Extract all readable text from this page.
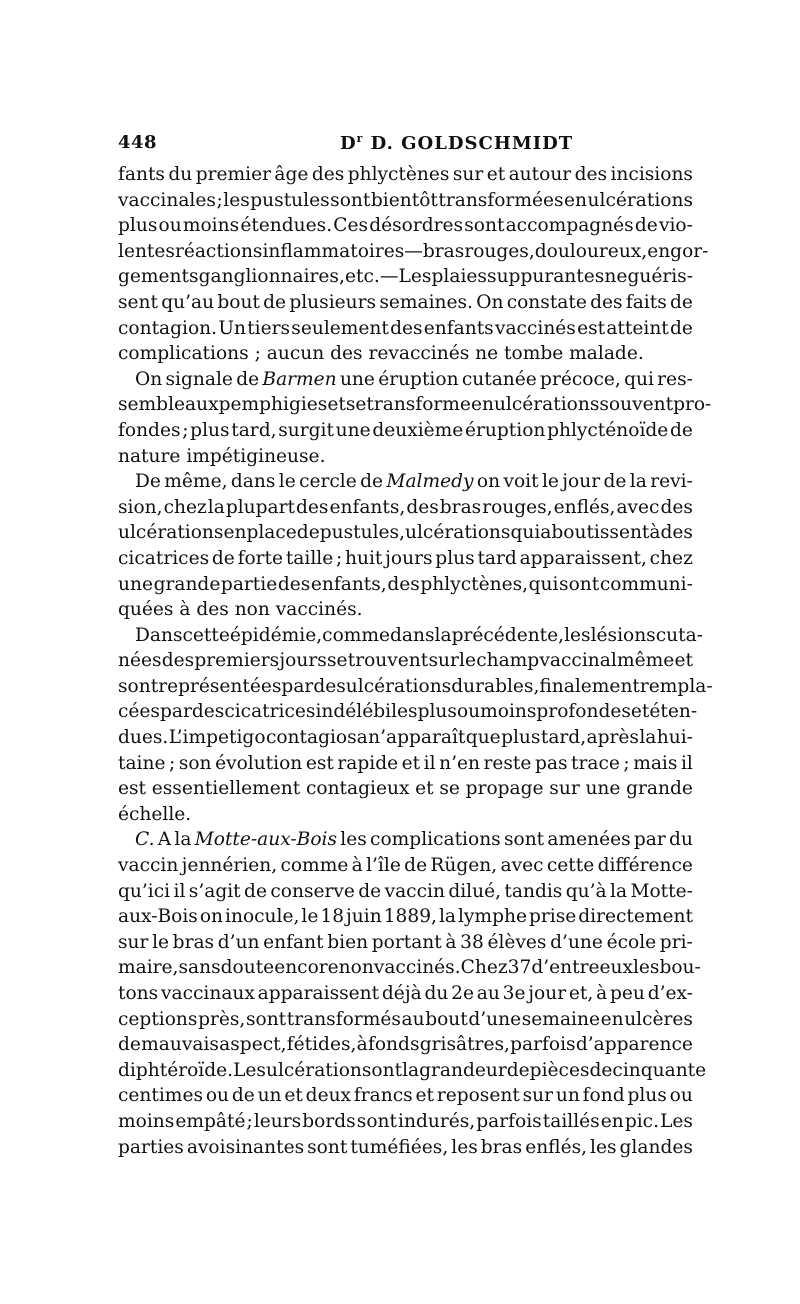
448	$D^r$ D. GOLDSCHMIDT
fants du premier âge des phlyctènes sur et autour des incisions
vaccinales ; les pustules sont bientôt transformées en ulcérations
plus ou moins étendues. Ces désordres sont accompagnés de vio-
lentes réactions inflammatoires — bras rouges, douloureux, engor-
gements ganglionnaires, etc. — Les plaies suppurantes ne guéris-
sent qu’au bout de plusieurs semaines. On constate des faits de
contagion. Un tiers seulement des enfants vaccinés est atteint de
complications ; aucun des revaccinés ne tombe malade.
On signale de Barmen une éruption cutanée précoce, qui res-
semble aux pemphigies et se transforme en ulcérations souvent pro-
fondes ; plus tard, surgit une deuxième éruption phlycténoïde de
nature impétigineuse.
De même, dans le cercle de Malmedy on voit le jour de la revi-
sion, chez la plupart des enfants, des bras rouges, enflés, avec des
ulcérations en place de pustules, ulcérations qui aboutissent à des
cicatrices de forte taille ; huit jours plus tard apparaissent, chez
une grande partie des enfants, des phlyctènes, qui sont communi-
quées à des non vaccinés.
Dans cette épidémie, comme dans la précédente, les lésions cuta-
nées des premiers jours se trouvent sur le champ vaccinal même et
sont représentées par des ulcérations durables, finalement rempla-
cées par des cicatrices indélébiles plus ou moins profondes et éten-
dues. L’impetigo contagiosa n’apparaît que plus tard, après la hui-
taine ; son évolution est rapide et il n’en reste pas trace ; mais il
est essentiellement contagieux et se propage sur une grande
échelle.
C. A la Motte-aux-Bois les complications sont amenées par du
vaccin jennérien, comme à l’île de Rügen, avec cette différence
qu’ici il s’agit de conserve de vaccin dilué, tandis qu’à la Motte-
aux-Bois on inocule, le 18 juin 1889, la lymphe prise directement
sur le bras d’un enfant bien portant à 38 élèves d’une école pri-
maire, sans doute encore non vaccinés. Chez 37 d’entre eux les bou-
tons vaccinaux apparaissent déjà du 2e au 3e jour et, à peu d’ex-
ceptions près, sont transformés au bout d’une semaine en ulcères
de mauvais aspect, fétides, à fonds grisâtres, parfois d’apparence
diphtéroïde. Les ulcérations ont la grandeur de pièces de cinquante
centimes ou de un et deux francs et reposent sur un fond plus ou
moins empâté ; leurs bords sont indurés, parfois taillés en pic. Les
parties avoisinantes sont tuméfiées, les bras enflés, les glandes
